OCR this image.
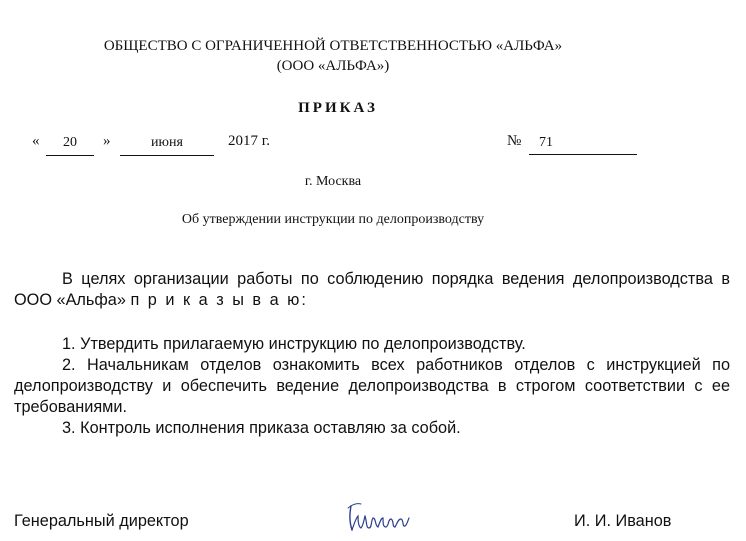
ОБЩЕСТВО С ОГРАНИЧЕННОЙ ОТВЕТСТВЕННОСТЬЮ «АЛЬФА»
(ООО «АЛЬФА»)
ПРИКАЗ
«	20	»	июня	2017 г.	№	71
г. Москва
Об утверждении инструкции по делопроизводству

В целях организации работы по соблюдению порядка ведения делопроизводства в ООО «Альфа» п р и к а з ы в а ю:

1. Утвердить прилагаемую инструкцию по делопроизводству.

2. Начальникам отделов ознакомить всех работников отделов с инструкцией по делопроизводству и обеспечить ведение делопроизводства в строгом соответствии с ее требованиями.

3. Контроль исполнения приказа оставляю за собой.

Генеральный директор	И. И. Иванов
